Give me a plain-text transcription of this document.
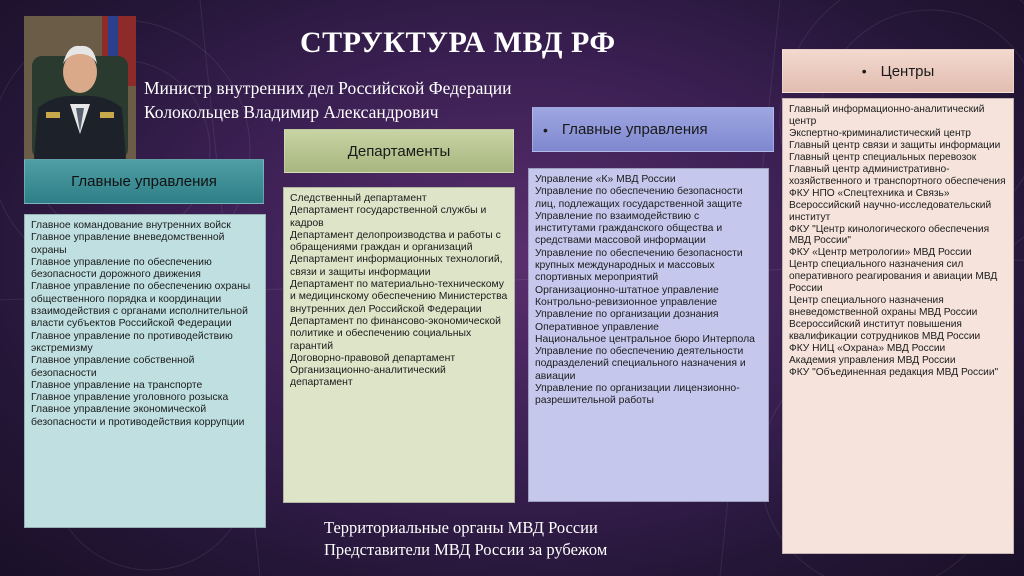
СТРУКТУРА МВД РФ
Министр внутренних дел Российской Федерации
Колокольцев Владимир Александрович
Главные управления
Департаменты
• Главные управления
• Центры
Главное командование внутренних войск
Главное управление вневедомственной охраны
Главное управление по обеспечению безопасности дорожного движения
Главное управление по обеспечению охраны общественного порядка и координации взаимодействия с органами исполнительной власти субъектов Российской Федерации
Главное управление по противодействию экстремизму
Главное управление собственной безопасности
Главное управление на транспорте
Главное управление уголовного розыска
Главное управление экономической безопасности и противодействия коррупции
Следственный департамент
Департамент государственной службы и кадров
Департамент делопроизводства и работы с обращениями граждан и организаций
Департамент информационных технологий, связи и защиты информации
Департамент по материально-техническому и медицинскому обеспечению Министерства внутренних дел Российской Федерации
Департамент по финансово-экономической политике и обеспечению социальных гарантий
Договорно-правовой департамент
Организационно-аналитический департамент
Управление «К» МВД России
Управление по обеспечению безопасности лиц, подлежащих государственной защите
Управление по взаимодействию с институтами гражданского общества и средствами массовой информации
Управление по обеспечению безопасности крупных международных и массовых спортивных мероприятий
Организационно-штатное управление
Контрольно-ревизионное управление
Управление по организации дознания
Оперативное управление
Национальное центральное бюро Интерпола
Управление по обеспечению деятельности подразделений специального назначения и авиации
Управление по организации лицензионно-разрешительной работы
Главный информационно-аналитический центр
Экспертно-криминалистический центр
Главный центр связи и защиты информации
Главный центр специальных перевозок
Главный центр административно-хозяйственного и транспортного обеспечения
ФКУ НПО «Спецтехника и Связь»
Всероссийский научно-исследовательский институт
ФКУ "Центр кинологического обеспечения МВД России"
ФКУ «Центр метрологии» МВД России
Центр специального назначения сил оперативного реагирования и авиации МВД России
Центр специального назначения вневедомственной охраны МВД России
Всероссийский институт повышения квалификации сотрудников МВД России
ФКУ НИЦ «Охрана» МВД России
Академия управления МВД России
ФКУ "Объединенная редакция МВД России"
Территориальные органы МВД России
Представители МВД России за рубежом
